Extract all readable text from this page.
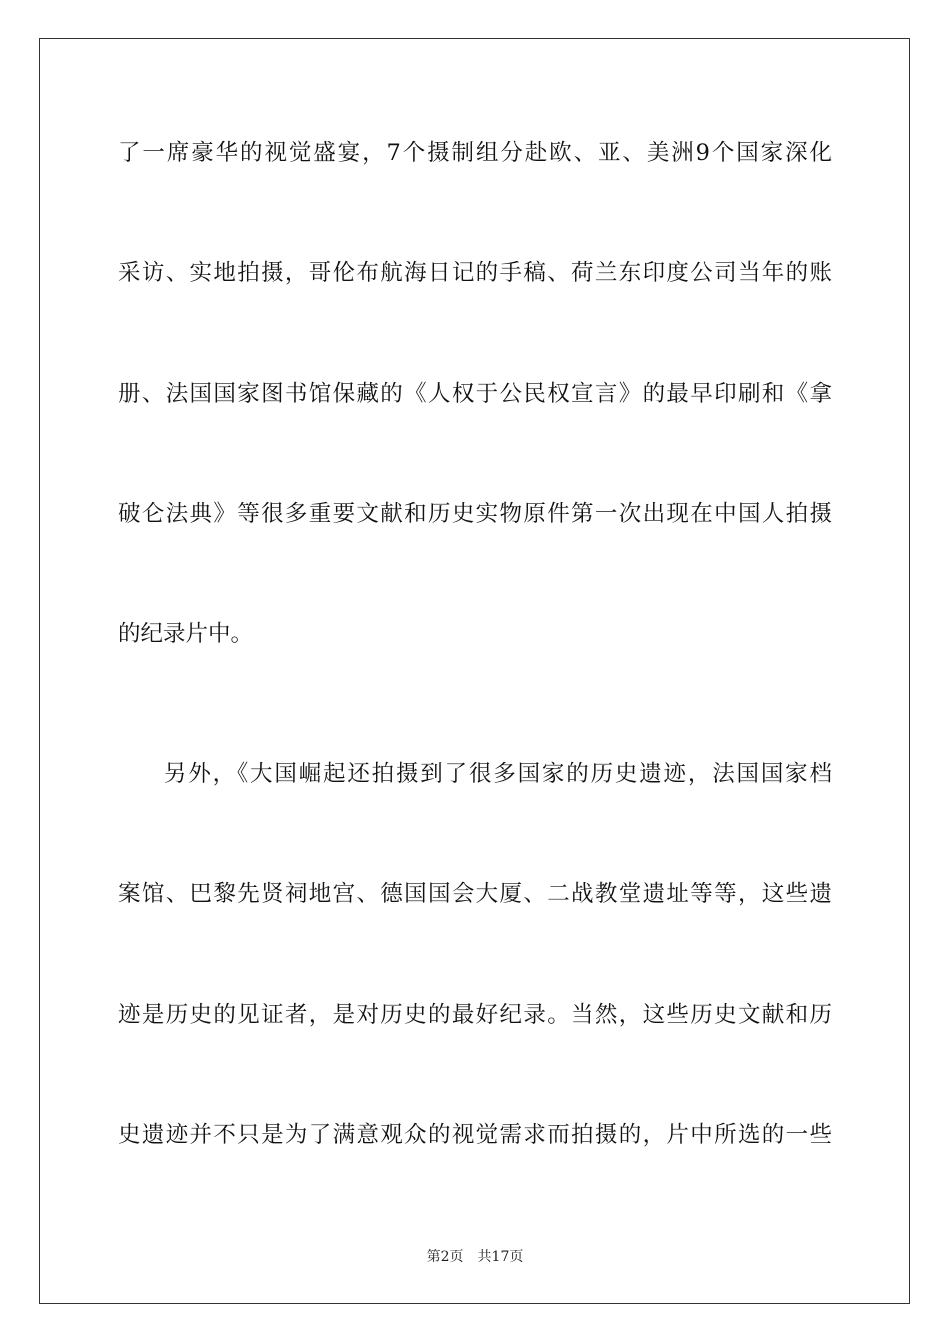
了一席豪华的视觉盛宴，7个摄制组分赴欧、亚、美洲9个国家深化
采访、实地拍摄，哥伦布航海日记的手稿、荷兰东印度公司当年的账
册、法国国家图书馆保藏的《人权于公民权宣言》的最早印刷和《拿
破仑法典》等很多重要文献和历史实物原件第一次出现在中国人拍摄
的纪录片中。
另外，《大国崛起还拍摄到了很多国家的历史遗迹，法国国家档
案馆、巴黎先贤祠地宫、德国国会大厦、二战教堂遗址等等，这些遗
迹是历史的见证者，是对历史的最好纪录。当然，这些历史文献和历
史遗迹并不只是为了满意观众的视觉需求而拍摄的，片中所选的一些
第2页 共17页
